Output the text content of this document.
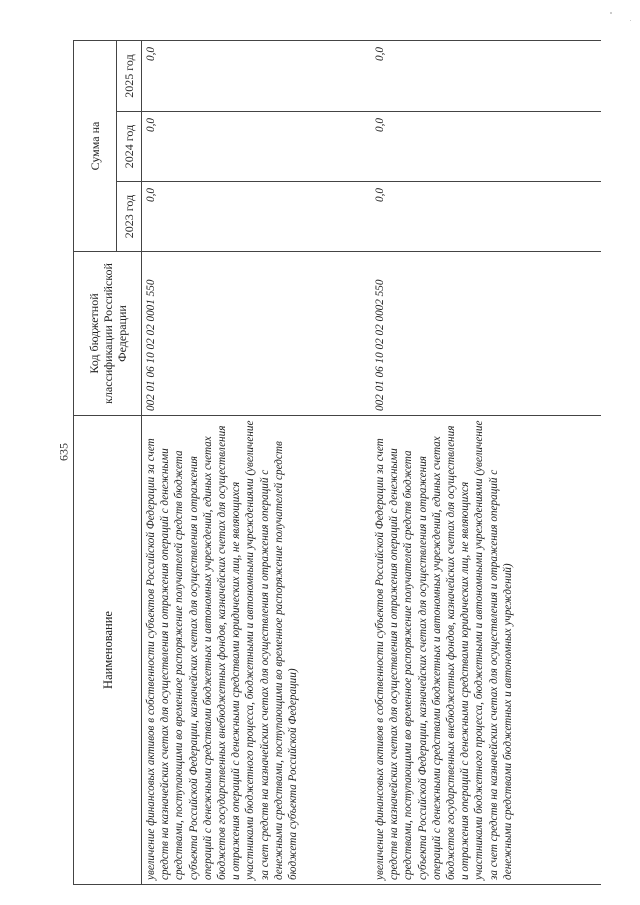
635
Наименование	Код бюджетной классификации Российской Федерации	Сумма на		
		2023 год	2024 год	2025 год
увеличение финансовых активов в собственности субъектов Российской Федерации за счет средств на казначейских счетах для осуществления и отражения операций с денежными средствами, поступающими во временное распоряжение получателей средств бюджета субъекта Российской Федерации, казначейских счетах для осуществления и отражения операций с денежными средствами бюджетных и автономных учреждений, единых счетах бюджетов государственных внебюджетных фондов, казначейских счетах для осуществления и отражения операций с денежными средствами юридических лиц, не являющихся участниками бюджетного процесса, бюджетными и автономными учреждениями (увеличение за счет средств на казначейских счетах для осуществления и отражения операций с денежными средствами, поступающими во временное распоряжение получателей средств бюджета субъекта Российской Федерации)	002 01 06 10 02 02 0001 550	0,0	0,0	0,0
увеличение финансовых активов в собственности субъектов Российской Федерации за счет средств на казначейских счетах для осуществления и отражения операций с денежными средствами, поступающими во временное распоряжение получателей средств бюджета субъекта Российской Федерации, казначейских счетах для осуществления и отражения операций с денежными средствами бюджетных и автономных учреждений, единых счетах бюджетов государственных внебюджетных фондов, казначейских счетах для осуществления и отражения операций с денежными средствами юридических лиц, не являющихся участниками бюджетного процесса, бюджетными и автономными учреждениями (увеличение за счет средств на казначейских счетах для осуществления и отражения операций с денежными средствами бюджетных и автономных учреждений)	002 01 06 10 02 02 0002 550	0,0	0,0	0,0
